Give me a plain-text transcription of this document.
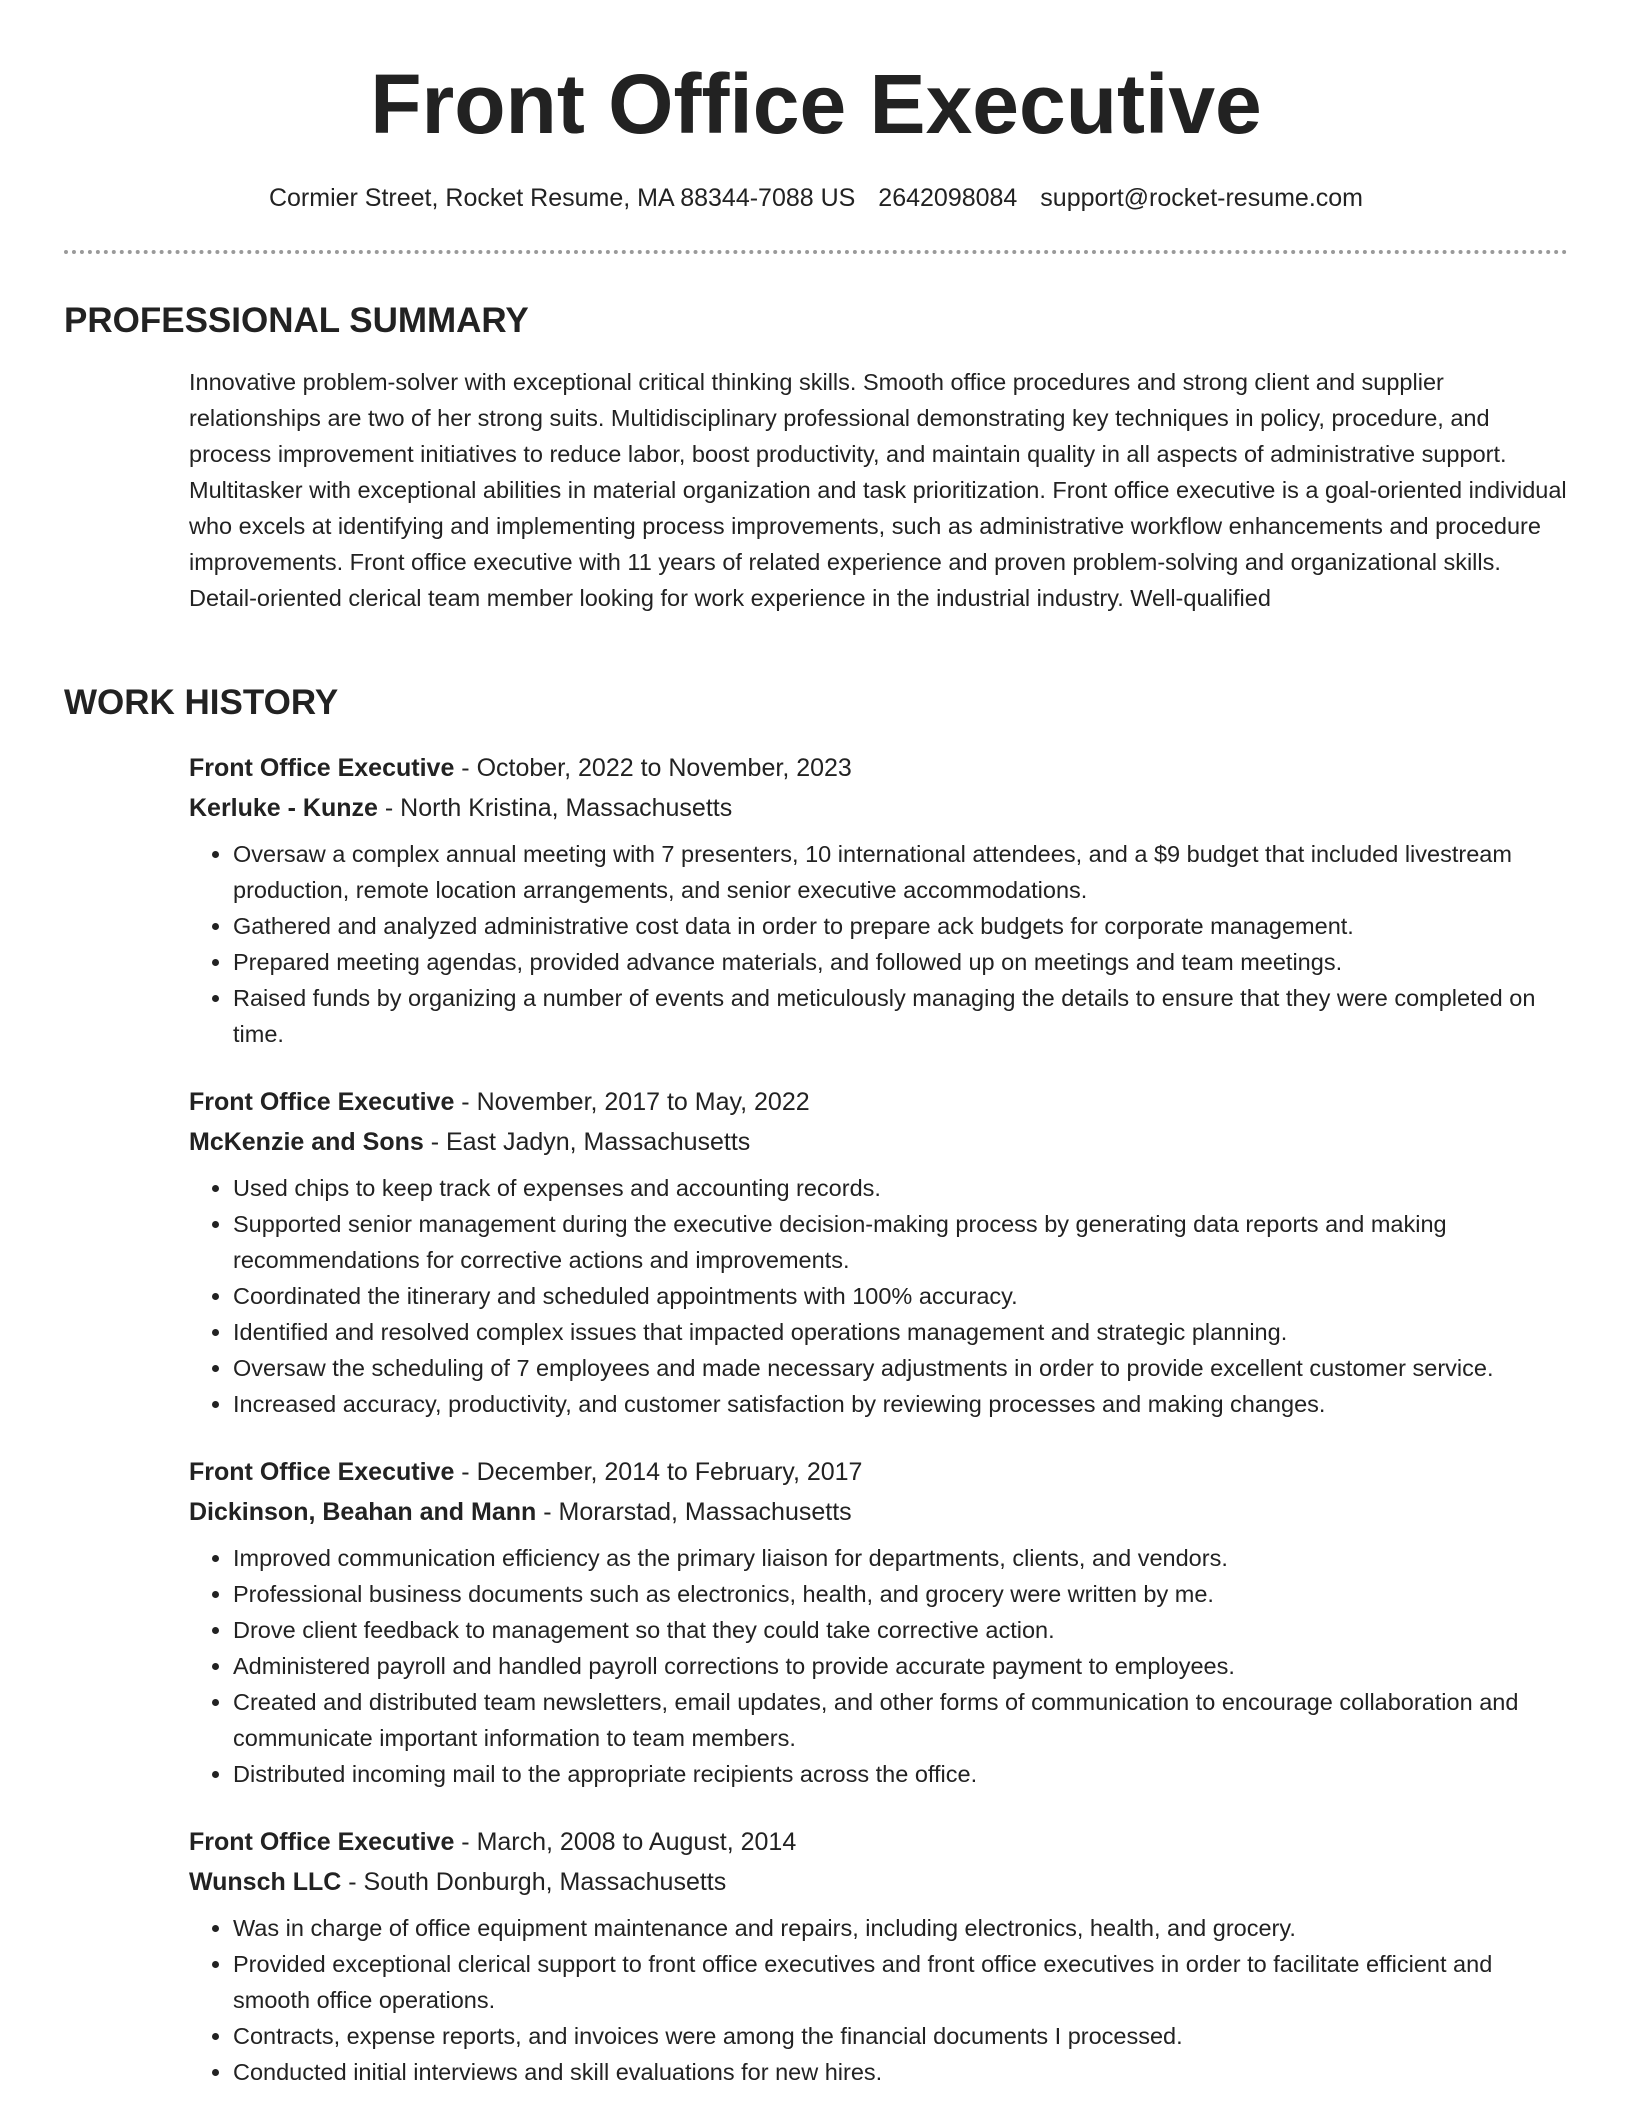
Front Office Executive
Cormier Street, Rocket Resume, MA 88344-7088 US 2642098084 support@rocket-resume.com
PROFESSIONAL SUMMARY

Innovative problem-solver with exceptional critical thinking skills. Smooth office procedures and strong client and supplier relationships are two of her strong suits. Multidisciplinary professional demonstrating key techniques in policy, procedure, and process improvement initiatives to reduce labor, boost productivity, and maintain quality in all aspects of administrative support. Multitasker with exceptional abilities in material organization and task prioritization. Front office executive is a goal-oriented individual who excels at identifying and implementing process improvements, such as administrative workflow enhancements and procedure improvements. Front office executive with 11 years of related experience and proven problem-solving and organizational skills. Detail-oriented clerical team member looking for work experience in the industrial industry. Well-qualified

WORK HISTORY

Front Office Executive - October, 2022 to November, 2023

Kerluke - Kunze - North Kristina, Massachusetts

• Oversaw a complex annual meeting with 7 presenters, 10 international attendees, and a $9 budget that included livestream production, remote location arrangements, and senior executive accommodations.
• Gathered and analyzed administrative cost data in order to prepare ack budgets for corporate management.
• Prepared meeting agendas, provided advance materials, and followed up on meetings and team meetings.
• Raised funds by organizing a number of events and meticulously managing the details to ensure that they were completed on time.

Front Office Executive - November, 2017 to May, 2022

McKenzie and Sons - East Jadyn, Massachusetts

• Used chips to keep track of expenses and accounting records.
• Supported senior management during the executive decision-making process by generating data reports and making recommendations for corrective actions and improvements.
• Coordinated the itinerary and scheduled appointments with 100% accuracy.
• Identified and resolved complex issues that impacted operations management and strategic planning.
• Oversaw the scheduling of 7 employees and made necessary adjustments in order to provide excellent customer service.
• Increased accuracy, productivity, and customer satisfaction by reviewing processes and making changes.

Front Office Executive - December, 2014 to February, 2017

Dickinson, Beahan and Mann - Morarstad, Massachusetts

• Improved communication efficiency as the primary liaison for departments, clients, and vendors.
• Professional business documents such as electronics, health, and grocery were written by me.
• Drove client feedback to management so that they could take corrective action.
• Administered payroll and handled payroll corrections to provide accurate payment to employees.
• Created and distributed team newsletters, email updates, and other forms of communication to encourage collaboration and communicate important information to team members.
• Distributed incoming mail to the appropriate recipients across the office.

Front Office Executive - March, 2008 to August, 2014

Wunsch LLC - South Donburgh, Massachusetts

• Was in charge of office equipment maintenance and repairs, including electronics, health, and grocery.
• Provided exceptional clerical support to front office executives and front office executives in order to facilitate efficient and smooth office operations.
• Contracts, expense reports, and invoices were among the financial documents I processed.
• Conducted initial interviews and skill evaluations for new hires.
